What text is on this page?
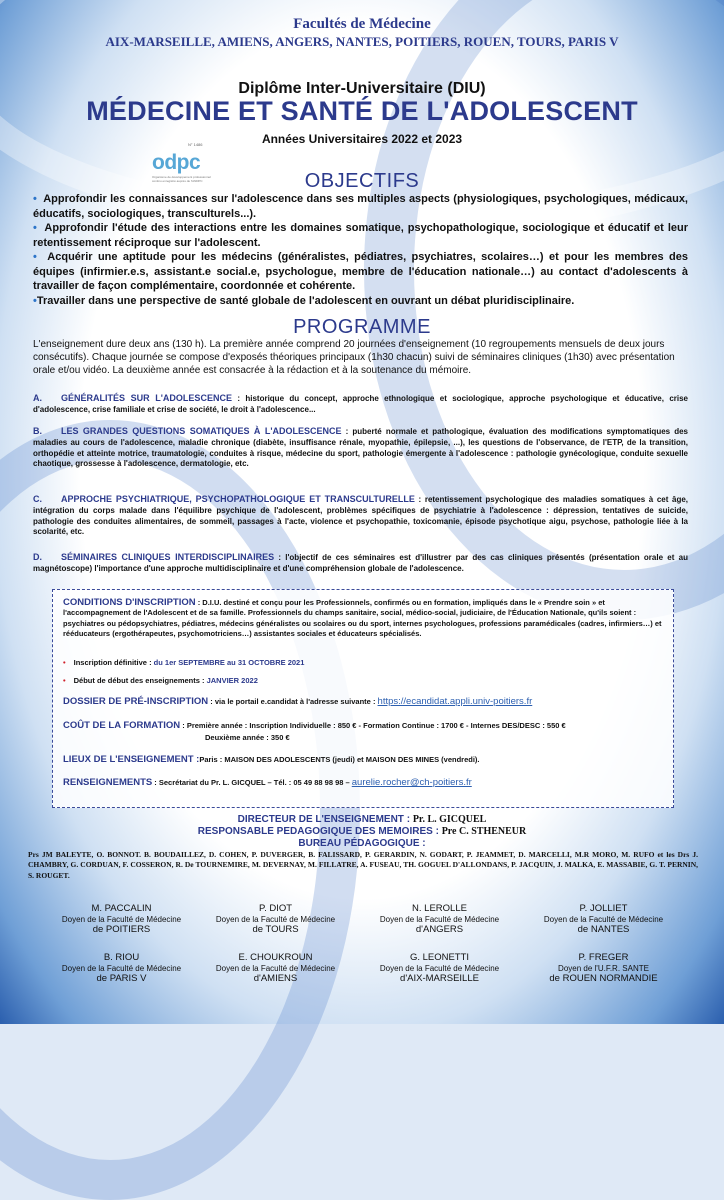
Facultés de Médecine
AIX-MARSEILLE, AMIENS, ANGERS, NANTES, POITIERS, ROUEN, TOURS, PARIS V
Diplôme Inter-Universitaire (DIU)
MÉDECINE ET SANTÉ DE L'ADOLESCENT
Années Universitaires 2022 et 2023
N° 1486
odpc
Organisme de développement professionnel continu enregistré auprès de l'ANDPC	OBJECTIFS

• Approfondir les connaissances sur l'adolescence dans ses multiples aspects (physiologiques, psychologiques, médicaux, éducatifs, sociologiques, transculturels...).

• Approfondir l'étude des interactions entre les domaines somatique, psychopathologique, sociologique et éducatif et leur retentissement réciproque sur l'adolescent.

• Acquérir une aptitude pour les médecins (généralistes, pédiatres, psychiatres, scolaires…) et pour les membres des équipes (infirmier.e.s, assistant.e social.e, psychologue, membre de l'éducation nationale…) au contact d'adolescents à travailler de façon complémentaire, coordonnée et cohérente.

•Travailler dans une perspective de santé globale de l'adolescent en ouvrant un débat pluridisciplinaire.

PROGRAMME
L'enseignement dure deux ans (130 h). La première année comprend 20 journées d'enseignement (10 regroupements mensuels de deux jours consécutifs). Chaque journée se compose d'exposés théoriques principaux (1h30 chacun) suivi de séminaires cliniques (1h30) avec présentation orale et/ou vidéo. La deuxième année est consacrée à la rédaction et à la soutenance du mémoire.
A. GÉNÉRALITÉS SUR L'ADOLESCENCE : historique du concept, approche ethnologique et sociologique, approche psychologique et éducative, crise d'adolescence, crise familiale et crise de société, le droit à l'adolescence...
B. LES GRANDES QUESTIONS SOMATIQUES À L'ADOLESCENCE : puberté normale et pathologique, évaluation des modifications symptomatiques des maladies au cours de l'adolescence, maladie chronique (diabète, insuffisance rénale, myopathie, épilepsie, ...), les questions de l'observance, de l'ETP, de la transition, orthopédie et atteinte motrice, traumatologie, conduites à risque, médecine du sport, pathologie émergente à l'adolescence : pathologie gynécologique, conduite sexuelle chaotique, grossesse à l'adolescence, dermatologie, etc.
C. APPROCHE PSYCHIATRIQUE, PSYCHOPATHOLOGIQUE ET TRANSCULTURELLE : retentissement psychologique des maladies somatiques à cet âge, intégration du corps malade dans l'équilibre psychique de l'adolescent, problèmes spécifiques de psychiatrie à l'adolescence : dépression, tentatives de suicide, pathologie des conduites alimentaires, de sommeil, passages à l'acte, violence et psychopathie, toxicomanie, épisode psychotique aigu, psychose, pathologie liée à la scolarité, etc.
D. SÉMINAIRES CLINIQUES INTERDISCIPLINAIRES : l'objectif de ces séminaires est d'illustrer par des cas cliniques présentés (présentation orale et au magnétoscope) l'importance d'une approche multidisciplinaire et d'une compréhension globale de l'adolescence.
CONDITIONS D'INSCRIPTION : D.I.U. destiné et conçu pour les Professionnels, confirmés ou en formation, impliqués dans le « Prendre soin » et l'accompagnement de l'Adolescent et de sa famille. Professionnels du champs sanitaire, social, médico-social, judiciaire, de l'Éducation Nationale, qu'ils soient : psychiatres ou pédopsychiatres, pédiatres, médecins généralistes ou scolaires ou du sport, internes psychologues, professions paramédicales (cadres, infirmiers…) et rééducateurs (ergothérapeutes, psychomotriciens…) assistantes sociales et éducateurs spécialisés.
• Inscription définitive : du 1er SEPTEMBRE au 31 OCTOBRE 2021
• Début de début des enseignements : JANVIER 2022
DOSSIER DE PRÉ-INSCRIPTION : via le portail e.candidat à l'adresse suivante : https://ecandidat.appli.univ-poitiers.fr
COÛT DE LA FORMATION : Première année : Inscription Individuelle : 850 € - Formation Continue : 1700 € - Internes DES/DESC : 550 €
Deuxième année : 350 €
LIEUX DE L'ENSEIGNEMENT :Paris : MAISON DES ADOLESCENTS (jeudi) et MAISON DES MINES (vendredi).
RENSEIGNEMENTS : Secrétariat du Pr. L. GICQUEL – Tél. : 05 49 88 98 98 – aurelie.rocher@ch-poitiers.fr
DIRECTEUR DE L'ENSEIGNEMENT : Pr. L. GICQUEL
RESPONSABLE PEDAGOGIQUE DES MEMOIRES : Pre C. STHENEUR
BUREAU PÉDAGOGIQUE :
Prs JM BALEYTE, O. BONNOT. B. BOUDAILLEZ, D. COHEN, P. DUVERGER, B. FALISSARD, P. GERARDIN, N. GODART, P. JEAMMET, D. MARCELLI, M.R MORO, M. RUFO et les Drs J. CHAMBRY, G. CORDUAN, F. COSSERON, R. De TOURNEMIRE, M. DEVERNAY, M. FILLATRE, A. FUSEAU, TH. GOGUEL D'ALLONDANS, P. JACQUIN, J. MALKA, E. MASSABIE, G. T. PERNIN, S. ROUGET.
M. PACCALIN
Doyen de la Faculté de Médecine
de POITIERS
P. DIOT
Doyen de la Faculté de Médecine
de TOURS
N. LEROLLE
Doyen de la Faculté de Médecine
d'ANGERS
P. JOLLIET
Doyen de la Faculté de Médecine
de NANTES
B. RIOU
Doyen de la Faculté de Médecine
de PARIS V
E. CHOUKROUN
Doyen de la Faculté de Médecine
d'AMIENS
G. LEONETTI
Doyen de la Faculté de Médecine
d'AIX-MARSEILLE
P. FREGER
Doyen de l'U.F.R. SANTE
de ROUEN NORMANDIE
